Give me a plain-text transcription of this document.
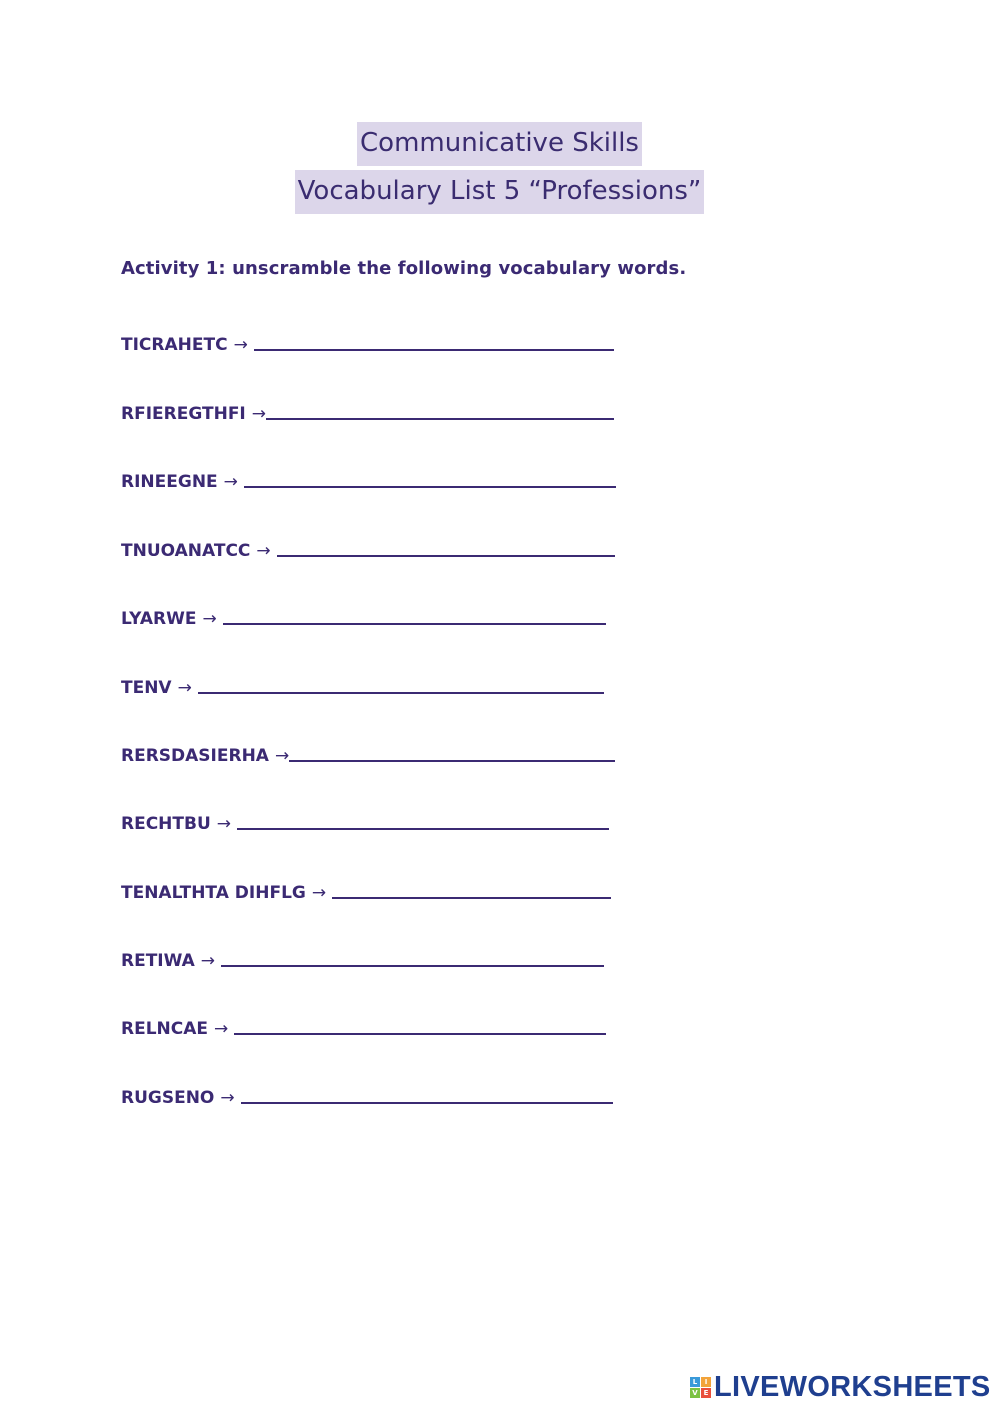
Communicative Skills
Vocabulary List 5 “Professions”
Activity 1: unscramble the following vocabulary words.
TICRAHETC →
RFIEREGTHFI →
RINEEGNE →
TNUOANATCC →
LYARWE →
TENV →
RERSDASIERHA →
RECHTBU →
TENALTHTA DIHFLG →
RETIWA →
RELNCAE →
RUGSENO →
L	I
V E LIVEWORKSHEETS
